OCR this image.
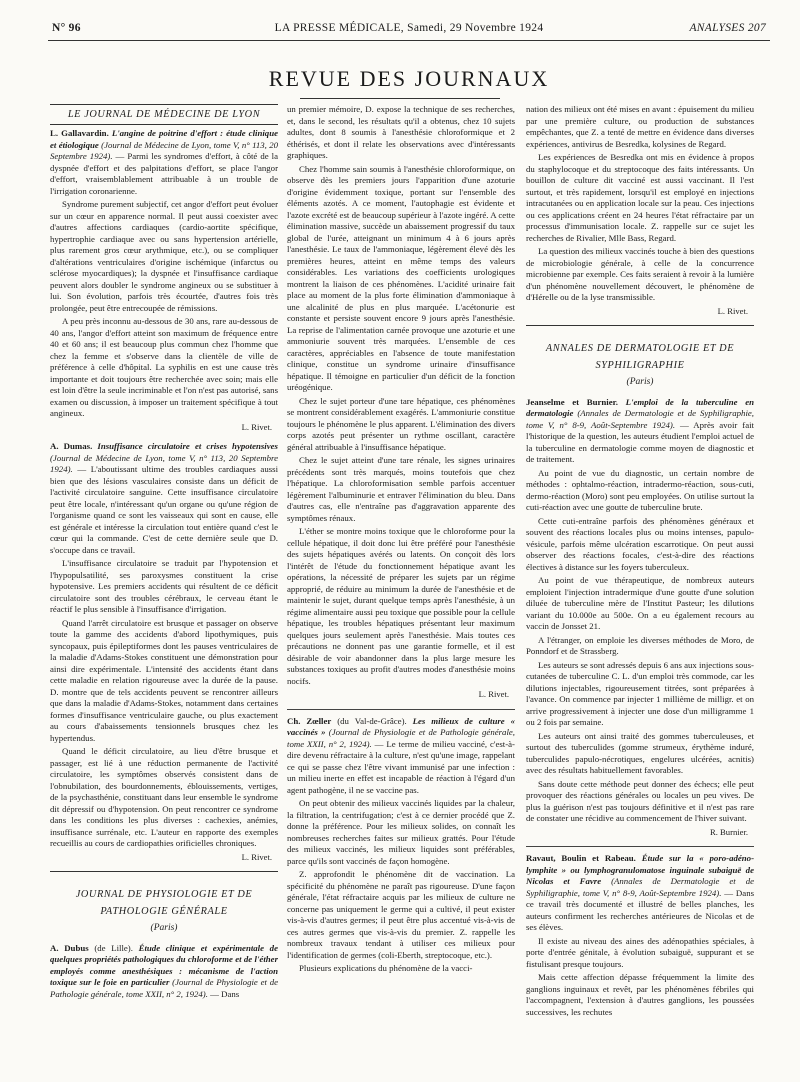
N° 96	LA PRESSE MÉDICALE, Samedi, 29 Novembre 1924	ANALYSES 207
REVUE DES JOURNAUX
LE JOURNAL DE MÉDECINE DE LYON

L. Gallavardin. L'angine de poitrine d'effort : étude clinique et étiologique (Journal de Médecine de Lyon, tome V, n° 113, 20 Septembre 1924). — Parmi les syndromes d'effort, à côté de la dyspnée d'effort et des palpitations d'effort, se place l'angor d'effort, vraisemblablement attribuable à un trouble de l'irrigation coronarienne.

Syndrome purement subjectif, cet angor d'effort peut évoluer sur un cœur en apparence normal. Il peut aussi coexister avec d'autres affections cardiaques (cardio-aortite spécifique, hypertrophie cardiaque avec ou sans hypertension artérielle, plus rarement gros cœur arythmique, etc.), ou se compliquer d'altérations ventriculaires d'origine ischémique (infarctus ou sclérose myocardiques); la dyspnée et l'insuffisance cardiaque peuvent alors doubler le syndrome angineux ou se substituer à lui. Son évolution, parfois très écourtée, d'autres fois très prolongée, peut être entrecoupée de rémissions.

A peu près inconnu au-dessous de 30 ans, rare au-dessous de 40 ans, l'angor d'effort atteint son maximum de fréquence entre 40 et 60 ans; il est beaucoup plus commun chez l'homme que chez la femme et s'observe dans la clientèle de ville de préférence à celle d'hôpital. La syphilis en est une cause très importante et doit toujours être recherchée avec soin; mais elle est loin d'être la seule incriminable et l'on n'est pas autorisé, sans examen ou discussion, à imposer un traitement spécifique à tout angineux.

L. Rivet.

A. Dumas. Insuffisance circulatoire et crises hypotensives (Journal de Médecine de Lyon, tome V, n° 113, 20 Septembre 1924). — L'aboutissant ultime des troubles cardiaques aussi bien que des lésions vasculaires consiste dans un déficit de l'activité circulatoire sanguine. Cette insuffisance circulatoire peut être locale, n'intéressant qu'un organe ou qu'une région de l'organisme quand ce sont les vaisseaux qui sont en cause, elle est générale et intéresse la circulation tout entière quand c'est le cœur qui la commande. C'est de cette dernière seule que D. s'occupe dans ce travail.

L'insuffisance circulatoire se traduit par l'hypotension et l'hypopulsatilité, ses paroxysmes constituent la crise hypotensive. Les premiers accidents qui résultent de ce déficit circulatoire sont des troubles cérébraux, le cerveau étant le réactif le plus sensible à l'insuffisance d'irrigation.

Quand l'arrêt circulatoire est brusque et passager on observe toute la gamme des accidents d'abord lipothymiques, puis syncopaux, puis épileptiformes dont les pauses ventriculaires de la maladie d'Adams-Stokes constituent une démonstration pour ainsi dire expérimentale. L'intensité des accidents étant dans cette maladie en relation rigoureuse avec la durée de la pause. D. montre que de tels accidents peuvent se rencontrer ailleurs que dans la maladie d'Adams-Stokes, notamment dans certaines formes d'insuffisance ventriculaire gauche, ou plus exactement au cours d'abaissements tensionnels brusques chez les hypertendus.

Quand le déficit circulatoire, au lieu d'être brusque et passager, est lié à une réduction permanente de l'activité circulatoire, les symptômes observés consistent dans de l'obnubilation, des bourdonnements, éblouissements, vertiges, de la psychasthénie, constituant dans leur ensemble le syndrome dit dépressif ou d'hypotension. On peut rencontrer ce syndrome dans les conditions les plus diverses : cachexies, anémies, insuffisance surrénale, etc. L'auteur en rapporte des exemples recueillis au cours de cardiopathies orificielles chroniques.

L. Rivet.
JOURNAL DE PHYSIOLOGIE ET DE PATHOLOGIE GÉNÉRALE
(Paris)

A. Dubus (de Lille). Étude clinique et expérimentale de quelques propriétés pathologiques du chloroforme et de l'éther employés comme anesthésiques : mécanisme de l'action toxique sur le foie en particulier (Journal de Physiologie et de Pathologie générale, tome XXII, n° 2, 1924). — Dans

un premier mémoire, D. expose la technique de ses recherches, et, dans le second, les résultats qu'il a obtenus, chez 10 sujets adultes, dont 8 soumis à l'anesthésie chloroformique et 2 éthérisés, et dont il relate les observations avec d'intéressants graphiques.

Chez l'homme sain soumis à l'anesthésie chloroformique, on observe dès les premiers jours l'apparition d'une azoturie d'origine évidemment toxique, portant sur l'ensemble des éléments azotés. A ce moment, l'autophagie est évidente et l'azote excrété est de beaucoup supérieur à l'azote ingéré. A cette élimination massive, succède un abaissement progressif du taux global de l'urée, atteignant un minimum 4 à 6 jours après l'anesthésie. Le taux de l'ammoniaque, légèrement élevé dès les premières heures, atteint en même temps des valeurs considérables. Les variations des coefficients urologiques montrent la liaison de ces phénomènes. L'acidité urinaire fait place au moment de la plus forte élimination d'ammoniaque à une alcalinité de plus en plus marquée. L'acétonurie est constante et persiste souvent encore 9 jours après l'anesthésie. La reprise de l'alimentation carnée provoque une azoturie et une ammoniurie souvent très marquées. L'ensemble de ces caractères, appréciables en l'absence de toute manifestation clinique, constitue un syndrome urinaire d'insuffisance hépatique. Il témoigne en particulier d'un déficit de la fonction uréogénique.

Chez le sujet porteur d'une tare hépatique, ces phénomènes se montrent considérablement exagérés. L'ammoniurie constitue toujours le phénomène le plus apparent. L'élimination des divers corps azotés peut présenter un rythme oscillant, caractère général attribuable à l'insuffisance hépatique.

Chez le sujet atteint d'une tare rénale, les signes urinaires précédents sont très marqués, moins toutefois que chez l'hépatique. La chloroformisation semble parfois accentuer légèrement l'albuminurie et entraver l'élimination du bleu. Dans d'autres cas, elle n'entraîne pas d'aggravation apparente des symptômes rénaux.

L'éther se montre moins toxique que le chloroforme pour la cellule hépatique, il doit donc lui être préféré pour l'anesthésie des sujets hépatiques avérés ou latents. On conçoit dès lors l'intérêt de l'étude du fonctionnement hépatique avant les opérations, la nécessité de préparer les sujets par un régime approprié, de réduire au minimum la durée de l'anesthésie et de maintenir le sujet, durant quelque temps après l'anesthésie, à un régime alimentaire aussi peu toxique que possible pour la cellule hépatique, les troubles hépatiques présentant leur maximum quelques jours seulement après l'anesthésie. Mais toutes ces précautions ne donnent pas une garantie formelle, et il est désirable de voir abandonner dans la plus large mesure les substances toxiques au profit d'autres modes d'anesthésie moins nocifs.

L. Rivet.

Ch. Zœller (du Val-de-Grâce). Les milieux de culture « vaccinés » (Journal de Physiologie et de Pathologie générale, tome XXII, n° 2, 1924). — Le terme de milieu vacciné, c'est-à-dire devenu réfractaire à la culture, n'est qu'une image, rappelant ce qui se passe chez l'être vivant immunisé par une infection : un milieu inerte en effet est incapable de réaction à l'égard d'un agent pathogène, il ne se vaccine pas.

On peut obtenir des milieux vaccinés liquides par la chaleur, la filtration, la centrifugation; c'est à ce dernier procédé que Z. donne la préférence. Pour les milieux solides, on connaît les nombreuses recherches faites sur milieux grattés. Pour l'étude des milieux vaccinés, les milieux liquides sont préférables, parce qu'ils sont vaccinés de façon homogène.

Z. approfondit le phénomène dit de vaccination. La spécificité du phénomène ne paraît pas rigoureuse. D'une façon générale, l'état réfractaire acquis par les milieux de culture ne concerne pas uniquement le germe qui a cultivé, il peut exister vis-à-vis d'autres germes; il peut être plus accentué vis-à-vis de ces autres germes que vis-à-vis du premier. Z. rappelle les nombreux travaux tendant à utiliser ces milieux pour l'identification de germes (coli-Eberth, streptocoque, etc.).

Plusieurs explications du phénomène de la vacci-

nation des milieux ont été mises en avant : épuisement du milieu par une première culture, ou production de substances empêchantes, que Z. a tenté de mettre en évidence dans diverses expériences, antivirus de Besredka, kolysines de Regard.

Les expériences de Besredka ont mis en évidence à propos du staphylocoque et du streptocoque des faits intéressants. Un bouillon de culture dit vacciné est aussi vaccinant. Il l'est surtout, et très rapidement, lorsqu'il est employé en injections intracutanées ou en application locale sur la peau. Ces injections ou ces applications créent en 24 heures l'état réfractaire par un processus d'immunisation locale. Z. rappelle sur ce sujet les recherches de Rivalier, Mlle Bass, Regard.

La question des milieux vaccinés touche à bien des questions de microbiologie générale, à celle de la concurrence microbienne par exemple. Ces faits seraient à revoir à la lumière d'un phénomène nouvellement découvert, le phénomène de d'Hérelle ou de la lyse transmissible.

L. Rivet.
ANNALES DE DERMATOLOGIE ET DE SYPHILIGRAPHIE
(Paris)

Jeanselme et Burnier. L'emploi de la tuberculine en dermatologie (Annales de Dermatologie et de Syphiligraphie, tome V, n° 8-9, Août-Septembre 1924). — Après avoir fait l'historique de la question, les auteurs étudient l'emploi actuel de la tuberculine en dermatologie comme moyen de diagnostic et de traitement.

Au point de vue du diagnostic, un certain nombre de méthodes : ophtalmo-réaction, intradermo-réaction, sous-cuti, dermo-réaction (Moro) sont peu employées. On utilise surtout la cuti-réaction avec une goutte de tuberculine brute.

Cette cuti-entraîne parfois des phénomènes généraux et souvent des réactions locales plus ou moins intenses, papulo-vésicule, parfois même ulcération escarrotique. On peut aussi observer des réactions focales, c'est-à-dire des réactions électives à distance sur les foyers tuberculeux.

Au point de vue thérapeutique, de nombreux auteurs emploient l'injection intradermique d'une goutte d'une solution diluée de tuberculine mère de l'Institut Pasteur; les dilutions variant du 10.000e au 500e. On a eu également recours au vaccin de Jonsset 21.

A l'étranger, on emploie les diverses méthodes de Moro, de Ponndorf et de Strassberg.

Les auteurs se sont adressés depuis 6 ans aux injections sous-cutanées de tuberculine C. L. d'un emploi très commode, car les dilutions injectables, rigoureusement titrées, sont préparées à l'avance. On commence par injecter 1 millième de milligr. et on arrive progressivement à injecter une dose d'un milligramme 1 ou 2 fois par semaine.

Les auteurs ont ainsi traité des gommes tuberculeuses, et surtout des tuberculides (gomme strumeux, érythème induré, tuberculides papulo-nécrotiques, engelures ulcérées, acnitis) avec des résultats habituellement favorables.

Sans doute cette méthode peut donner des échecs; elle peut provoquer des réactions générales ou locales un peu vives. De plus la guérison n'est pas toujours définitive et il n'est pas rare de constater une récidive au commencement de l'hiver suivant.

R. Burnier.

Ravaut, Boulin et Rabeau. Étude sur la « poro-adéno-lymphite » ou lymphogranulomatose inguinale subaiguë de Nicolas et Favre (Annales de Dermatologie et de Syphiligraphie, tome V, n° 8-9, Août-Septembre 1924). — Dans ce travail très documenté et illustré de belles planches, les auteurs confirment les recherches antérieures de Nicolas et de ses élèves.

Il existe au niveau des aines des adénopathies spéciales, à porte d'entrée génitale, à évolution subaiguë, suppurant et se fistulisant presque toujours.

Mais cette affection dépasse fréquemment la limite des ganglions inguinaux et revêt, par les phénomènes fébriles qui l'accompagnent, l'extension à d'autres ganglions, les poussées successives, les rechutes
